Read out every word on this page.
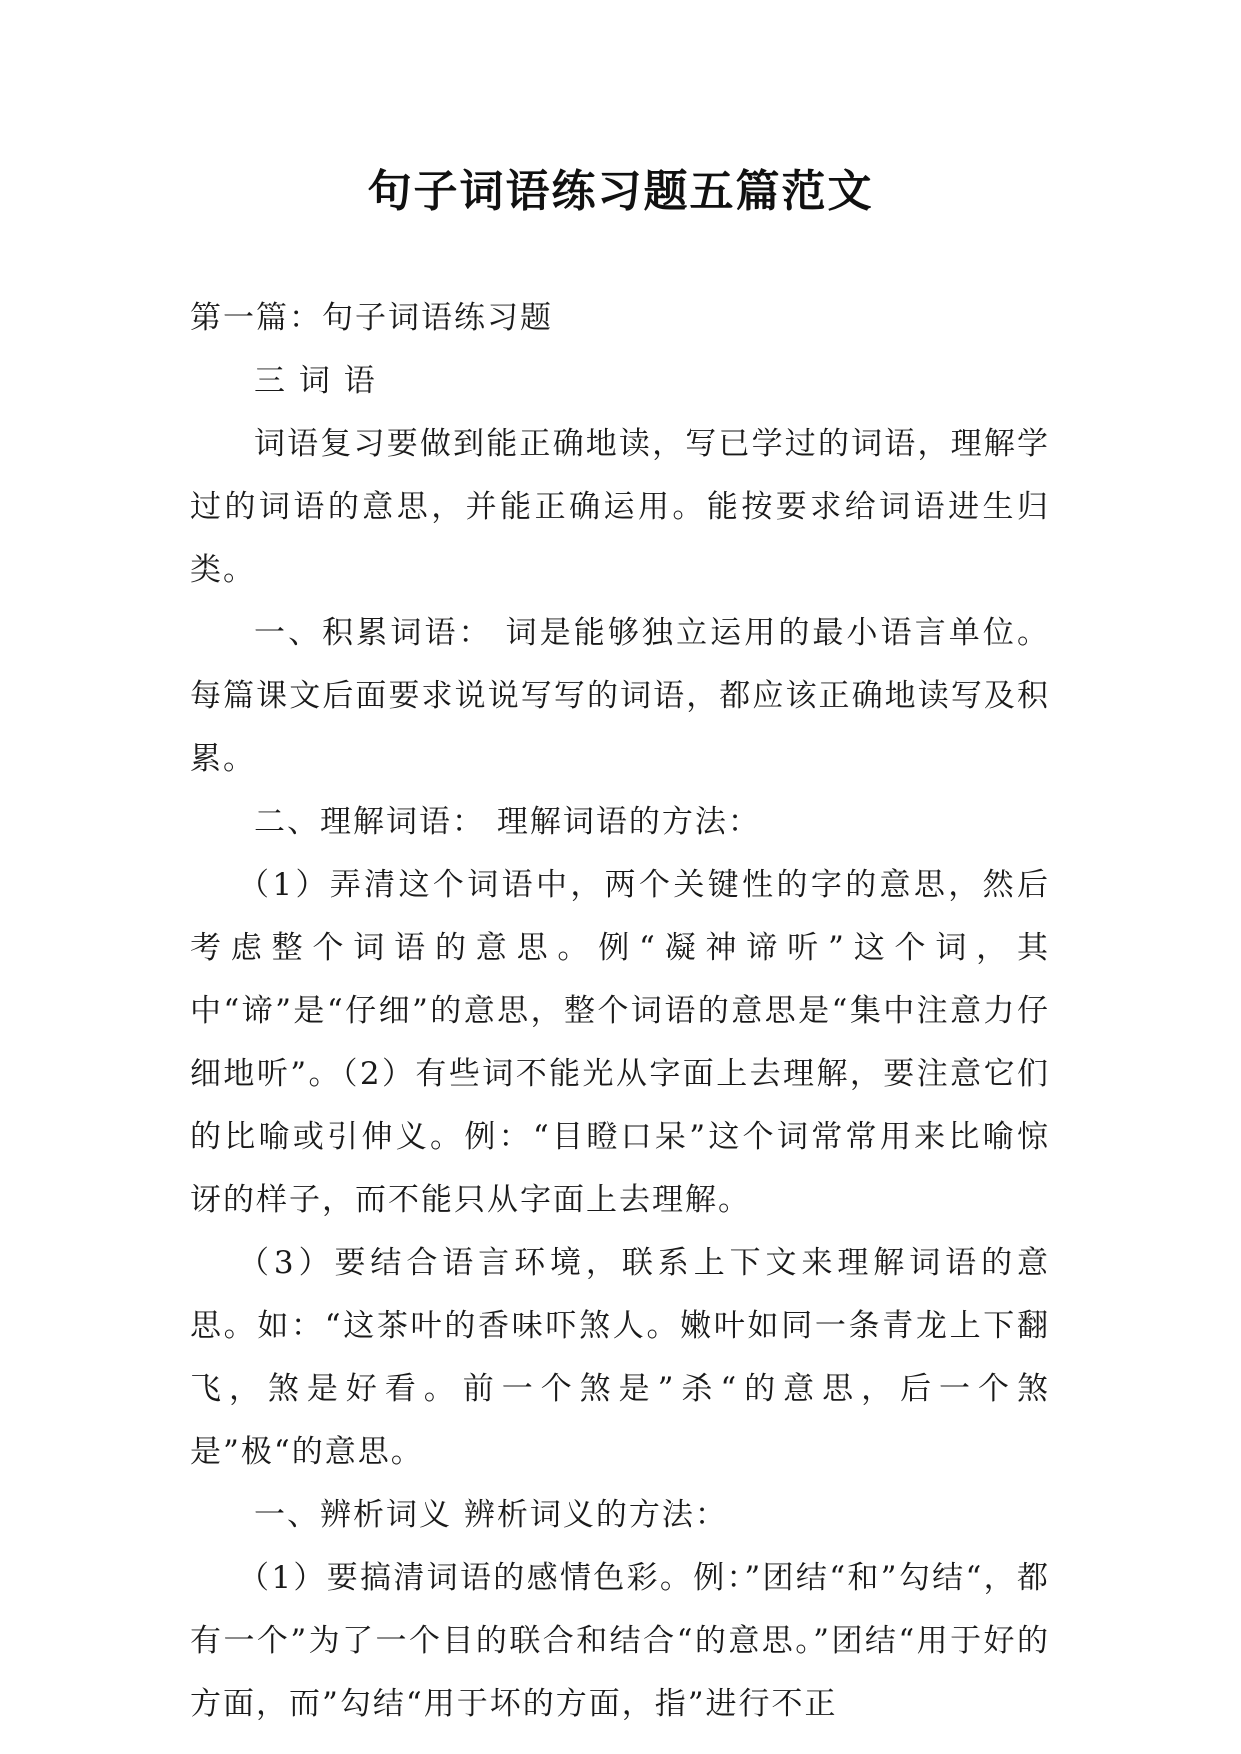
句子词语练习题五篇范文

第一篇：句子词语练习题

三 词 语

词语复习要做到能正确地读，写已学过的词语，理解学过的词语的意思，并能正确运用。能按要求给词语进生归类。

一、积累词语： 词是能够独立运用的最小语言单位。每篇课文后面要求说说写写的词语，都应该正确地读写及积累。

二、理解词语： 理解词语的方法：

（1）弄清这个词语中，两个关键性的字的意思，然后考虑整个词语的意思。例“凝神谛听”这个词，其中“谛”是“仔细”的意思，整个词语的意思是“集中注意力仔细地听”。（2）有些词不能光从字面上去理解，要注意它们的比喻或引伸义。例：“目瞪口呆”这个词常常用来比喻惊讶的样子，而不能只从字面上去理解。

（3）要结合语言环境，联系上下文来理解词语的意思。如：“这茶叶的香味吓煞人。嫩叶如同一条青龙上下翻飞，煞是好看。前一个煞是”杀“的意思，后一个煞是”极“的意思。

一、辨析词义 辨析词义的方法：

（1）要搞清词语的感情色彩。例：”团结“和”勾结“，都有一个”为了一个目的联合和结合“的意思。”团结“用于好的方面，而”勾结“用于坏的方面，指”进行不正
